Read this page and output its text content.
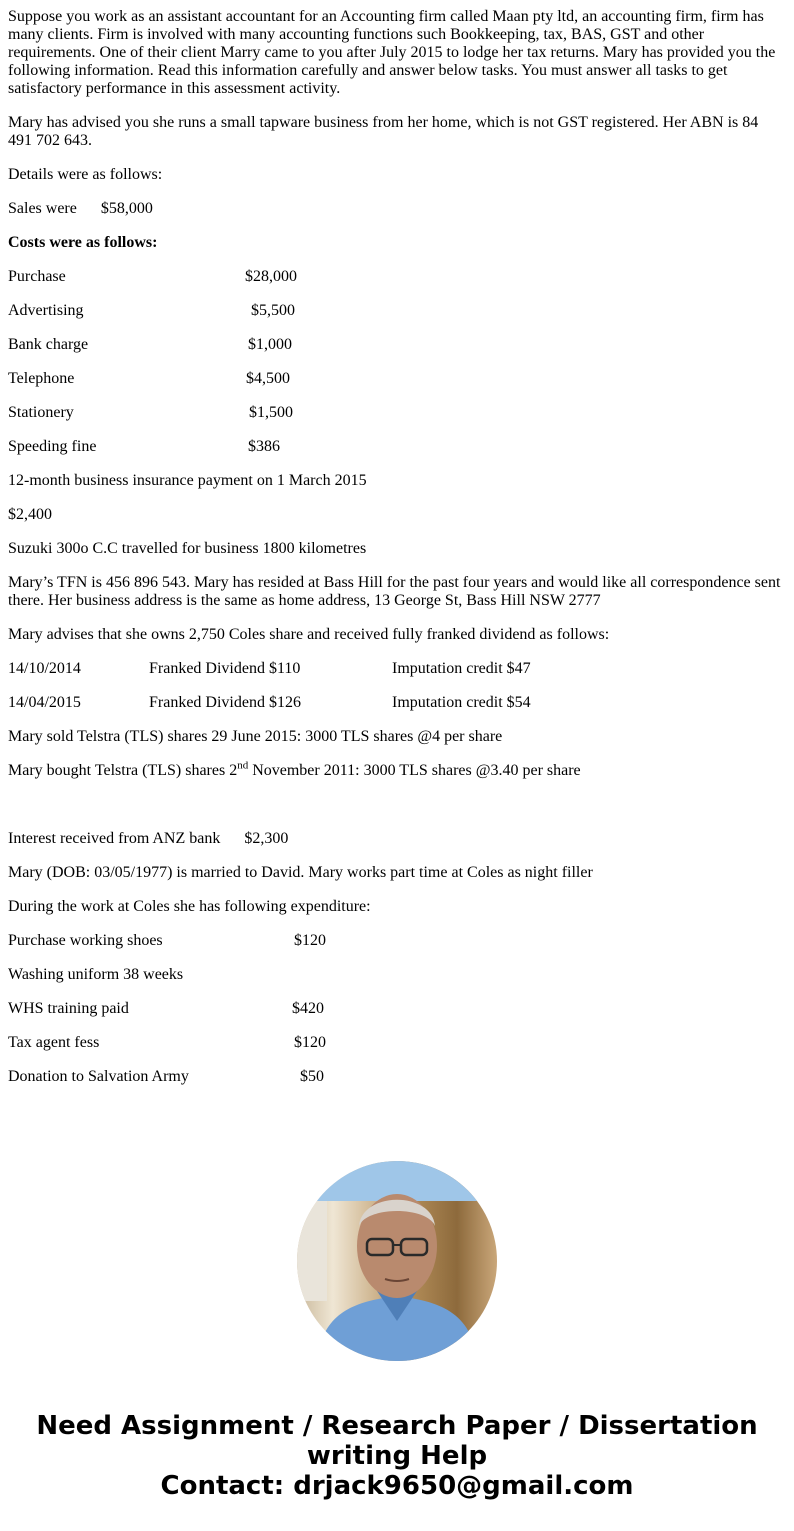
Suppose you work as an assistant accountant for an Accounting firm called Maan pty ltd, an accounting firm, firm has many clients. Firm is involved with many accounting functions such Bookkeeping, tax, BAS, GST and other requirements. One of their client Marry came to you after July 2015 to lodge her tax returns. Mary has provided you the following information. Read this information carefully and answer below tasks. You must answer all tasks to get satisfactory performance in this assessment activity.

Mary has advised you she runs a small tapware business from her home, which is not GST registered. Her ABN is 84 491 702 643.

Details were as follows:

Sales were $58,000

Costs were as follows:

Purchase	$28,000

Advertising	$5,500

Bank charge	$1,000

Telephone	$4,500

Stationery	$1,500

Speeding fine	$386

12-month business insurance payment on 1 March 2015

$2,400

Suzuki 300o C.C travelled for business 1800 kilometres

Mary’s TFN is 456 896 543. Mary has resided at Bass Hill for the past four years and would like all correspondence sent there. Her business address is the same as home address, 13 George St, Bass Hill NSW 2777

Mary advises that she owns 2,750 Coles share and received fully franked dividend as follows:

14/10/2014	Franked Dividend $110	Imputation credit $47

14/04/2015	Franked Dividend $126	Imputation credit $54

Mary sold Telstra (TLS) shares 29 June 2015: 3000 TLS shares @4 per share

Mary bought Telstra (TLS) shares 2nd November 2011: 3000 TLS shares @3.40 per share

Interest received from ANZ bank $2,300

Mary (DOB: 03/05/1977) is married to David. Mary works part time at Coles as night filler

During the work at Coles she has following expenditure:

Purchase working shoes	$120

Washing uniform 38 weeks

WHS training paid	$420

Tax agent fess	$120

Donation to Salvation Army	$50

Need Assignment / Research Paper / Dissertation
writing Help
Contact: drjack9650@gmail.com
